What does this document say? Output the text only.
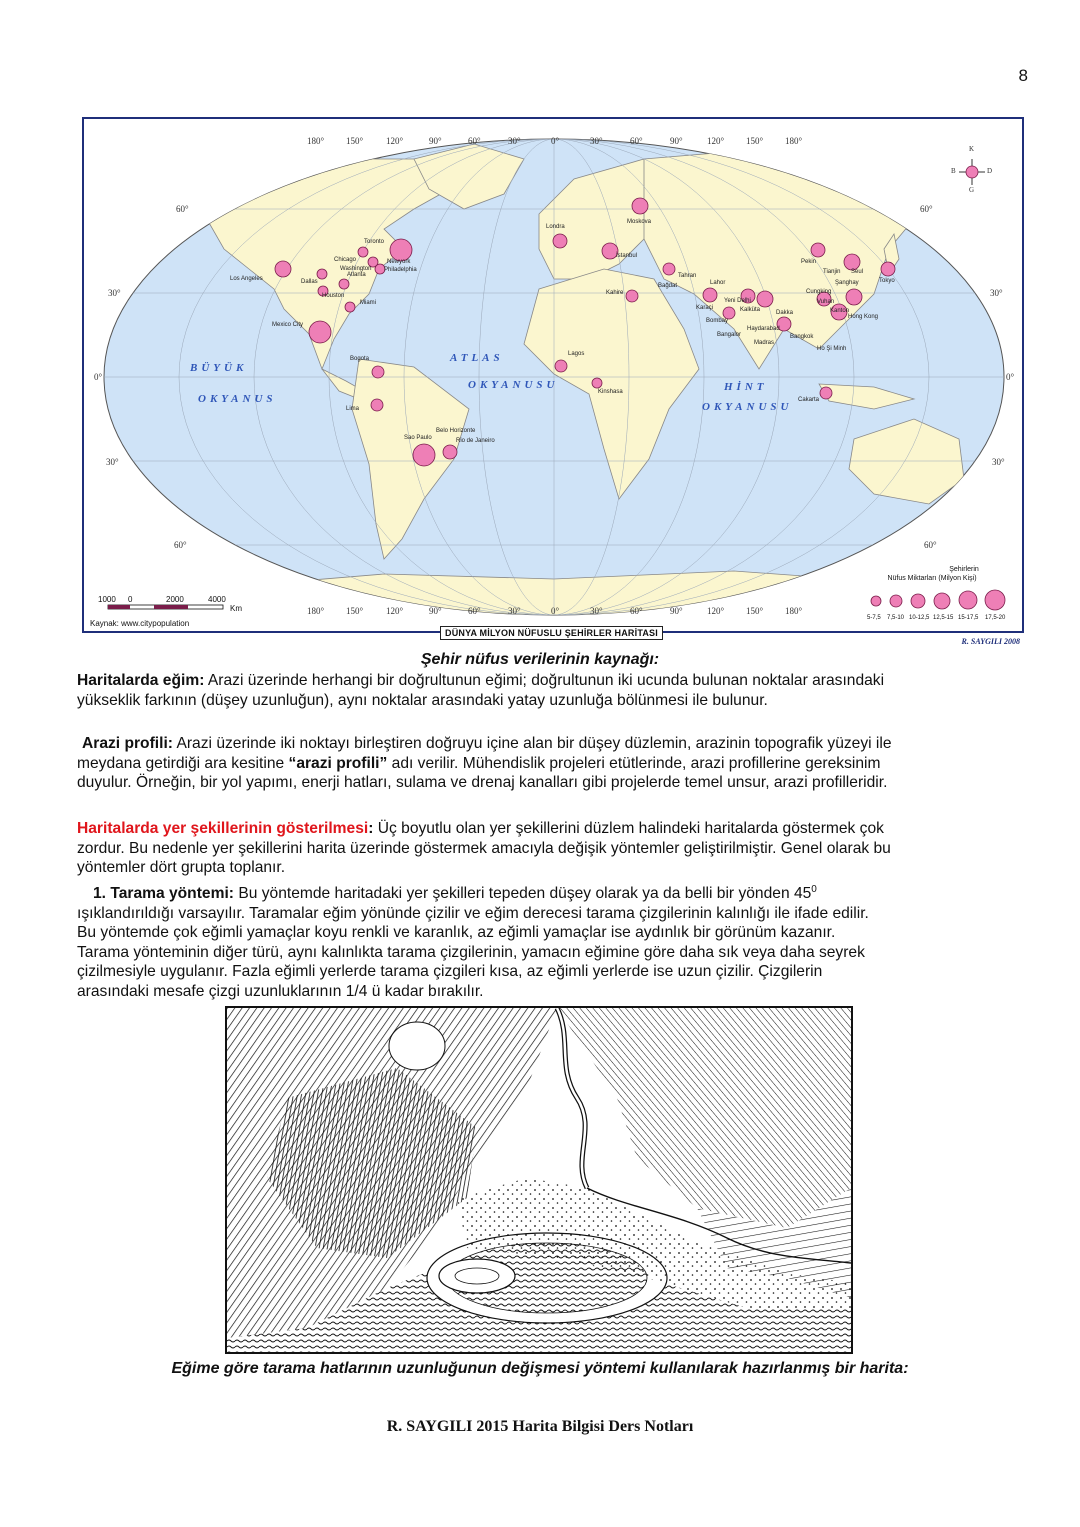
8
180° 150°	120°	90°	60°	30°	0°	30°	60°	90°	120° 150° 180°
180° 150°	120°	90°	60°	30°	0°	30°	60°	90°	120° 150° 180°
60°
30°
0°
30°
60°
60°
30°
0°
30°
60°
BÜYÜK
OKYANUS
ATLAS
OKYANUSU	HİNT
OKYANUSU
Los Angeles
Chicago
Toronto
Newyork
Washington Philadelphia
Atlanta
Dallas
Houston
Miami
Mexico City
Bogota
Lima
Sao Paulo
Belo Horizonte
Rio de Janeiro
Londra
Moskova
İstanbul
Tahran
Bağdat
Kahire
Lagos
Kinshasa
Lahor
Karaçi
Yeni Delhi
Kalküta	Dakka
Bombay
Haydarabad
Bangalor
Madras
Pekin
Tianjin Seul
Tokyo
Şanghay
Cungking
Vuhan
Kanton
Hong Kong
Bangkok
Ho Şi Minh
Cakarta
K
G
B	D
Şehirlerin
Nüfus Miktarları (Milyon Kişi)
5-7,5 7,5-10 10-12,5 12,5-15 15-17,5 17,5-20
1000 0	2000	4000
Km
Kaynak: www.citypopulation
DÜNYA MİLYON NÜFUSLU ŞEHİRLER HARİTASI
R. SAYGILI 2008
Şehir nüfus verilerinin kaynağı:

Haritalarda eğim: Arazi üzerinde herhangi bir doğrultunun eğimi; doğrultunun iki ucunda bulunan noktalar arasındaki
yükseklik farkının (düşey uzunluğun), aynı noktalar arasındaki yatay uzunluğa bölünmesi ile bulunur.

Arazi profili: Arazi üzerinde iki noktayı birleştiren doğruyu içine alan bir düşey düzlemin, arazinin topografik yüzeyi ile
meydana getirdiği ara kesitine “arazi profili” adı verilir. Mühendislik projeleri etütlerinde, arazi profillerine gereksinim
duyulur. Örneğin, bir yol yapımı, enerji hatları, sulama ve drenaj kanalları gibi projelerde temel unsur, arazi profilleridir.

Haritalarda yer şekillerinin gösterilmesi: Üç boyutlu olan yer şekillerini düzlem halindeki haritalarda göstermek çok
zordur. Bu nedenle yer şekillerini harita üzerinde göstermek amacıyla değişik yöntemler geliştirilmiştir. Genel olarak bu
yöntemler dört grupta toplanır.

1. Tarama yöntemi: Bu yöntemde haritadaki yer şekilleri tepeden düşey olarak ya da belli bir yönden $45^0$
ışıklandırıldığı varsayılır. Taramalar eğim yönünde çizilir ve eğim derecesi tarama çizgilerinin kalınlığı ile ifade edilir.
Bu yöntemde çok eğimli yamaçlar koyu renkli ve karanlık, az eğimli yamaçlar ise aydınlık bir görünüm kazanır.
Tarama yönteminin diğer türü, aynı kalınlıkta tarama çizgilerinin, yamacın eğimine göre daha sık veya daha seyrek
çizilmesiyle uygulanır. Fazla eğimli yerlerde tarama çizgileri kısa, az eğimli yerlerde ise uzun çizilir. Çizgilerin
arasındaki mesafe çizgi uzunluklarının 1/4 ü kadar bırakılır.

Eğime göre tarama hatlarının uzunluğunun değişmesi yöntemi kullanılarak hazırlanmış bir harita:
R. SAYGILI 2015 Harita Bilgisi Ders Notları
